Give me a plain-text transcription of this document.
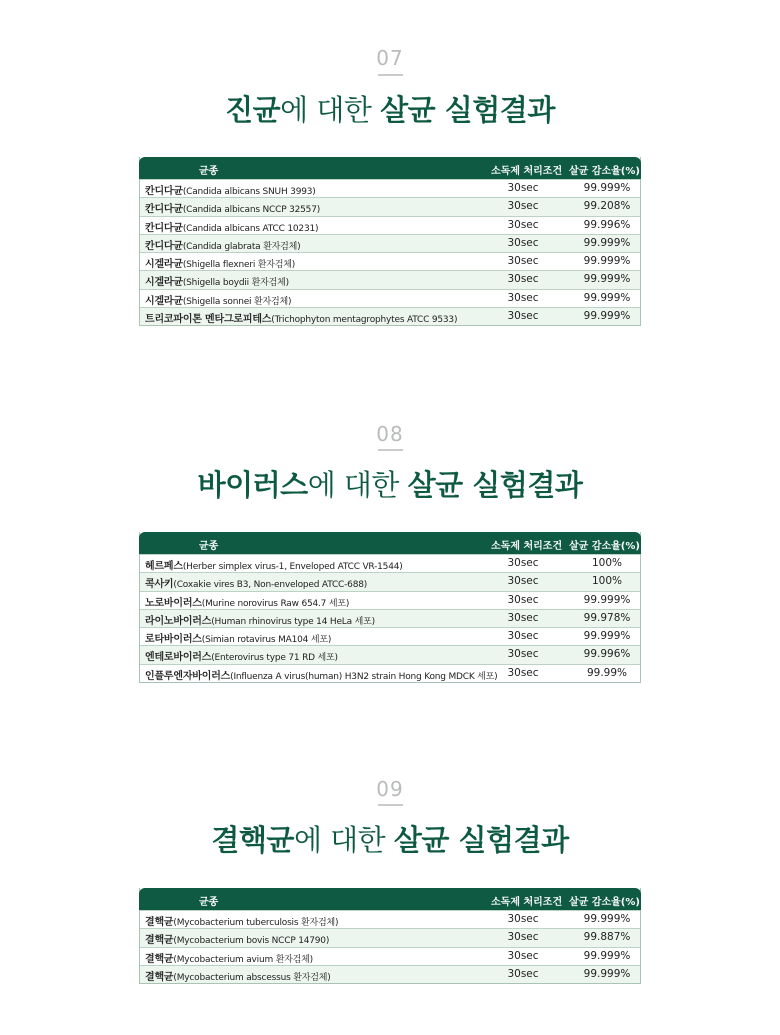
07
진균에 대한 살균 실험결과
균종	소독제 처리조건 살균 감소율(%)
칸디다균(Candida albicans SNUH 3993)	30sec	99.999%
칸디다균(Candida albicans NCCP 32557)	30sec	99.208%
칸디다균(Candida albicans ATCC 10231)	30sec	99.996%
칸디다균(Candida glabrata 환자검체)	30sec	99.999%
시겔라균(Shigella flexneri 환자검체)	30sec	99.999%
시겔라균(Shigella boydii 환자검체)	30sec	99.999%
시겔라균(Shigella sonnei 환자검체)	30sec	99.999%
트리코파이톤 멘타그로피테스(Trichophyton mentagrophytes ATCC 9533)	30sec	99.999%
08
바이러스에 대한 살균 실험결과
균종	소독제 처리조건 살균 감소율(%)
헤르페스(Herber simplex virus-1, Enveloped ATCC VR-1544)	30sec	100%
콕사키(Coxakie vires B3, Non-enveloped ATCC-688)	30sec	100%
노로바이러스(Murine norovirus Raw 654.7 세포)	30sec	99.999%
라이노바이러스(Human rhinovirus type 14 HeLa 세포)	30sec	99.978%
로타바이러스(Simian rotavirus MA104 세포)	30sec	99.999%
엔테로바이러스(Enterovirus type 71 RD 세포)	30sec	99.996%
인플루엔자바이러스(Influenza A virus(human) H3N2 strain Hong Kong MDCK 세포) 30sec	99.99%
09
결핵균에 대한 살균 실험결과
균종	소독제 처리조건 살균 감소율(%)
결핵균(Mycobacterium tuberculosis 환자검체)	30sec	99.999%
결핵균(Mycobacterium bovis NCCP 14790)	30sec	99.887%
결핵균(Mycobacterium avium 환자검체)	30sec	99.999%
결핵균(Mycobacterium abscessus 환자검체)	30sec	99.999%
